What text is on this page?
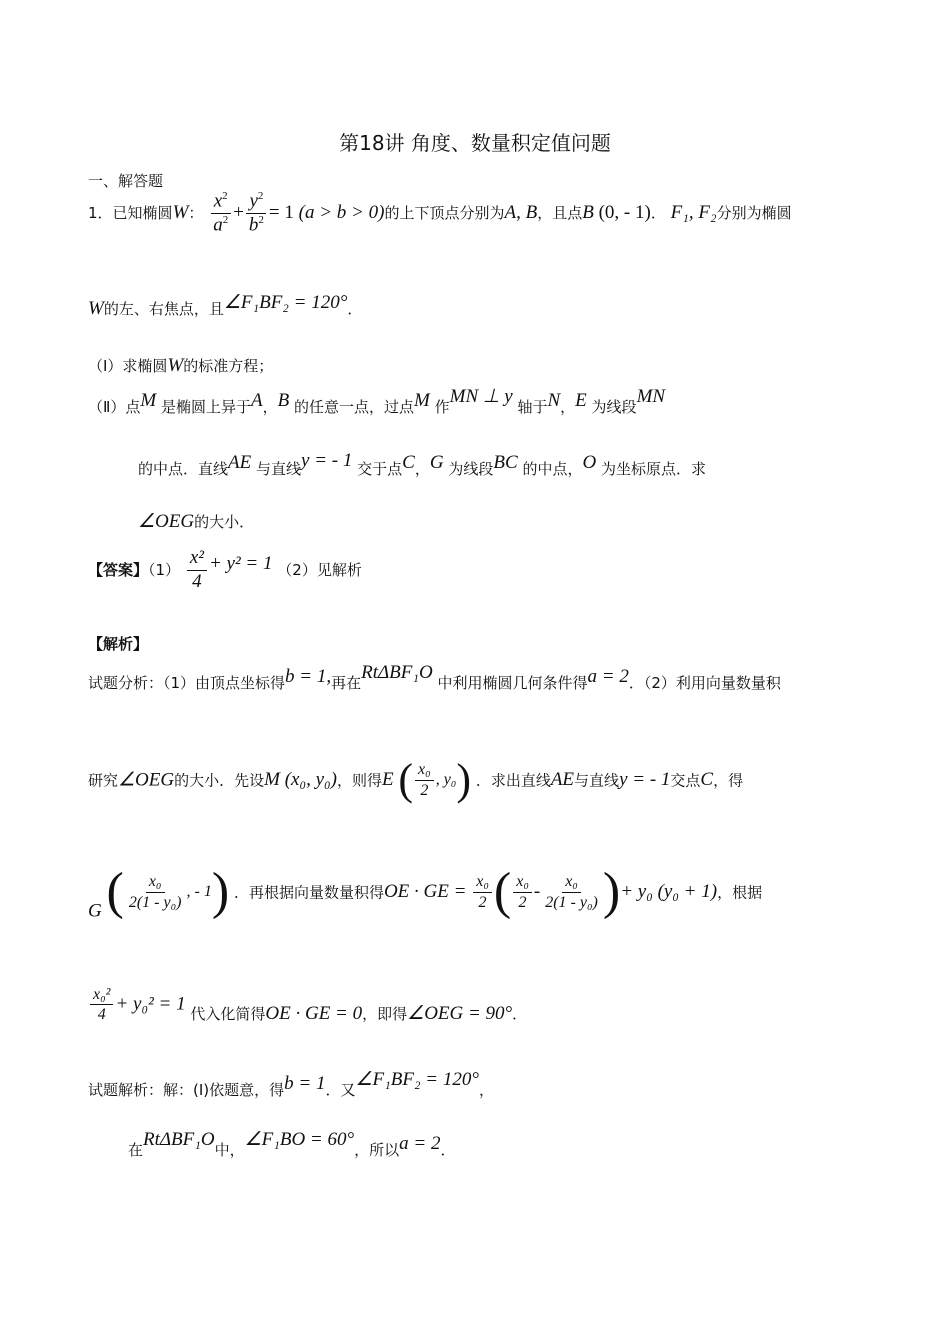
第18讲 角度、数量积定值问题
一、解答题
1．已知椭圆W： $\frac{x^2}{a^2} + \frac{y^2}{b^2} = 1$ (a > b > 0)的上下顶点分别为A, B，且点B (0, - 1)． F₁, F₂分别为椭圆
W的左、右焦点，且∠F₁BF₂ = 120°．
（Ⅰ）求椭圆W的标准方程；
（Ⅱ）点M 是椭圆上异于A，B 的任意一点，过点M 作MN ⊥ y 轴于N，E 为线段MN
的中点．直线AE 与直线y = - 1 交于点C，G 为线段BC 的中点，O 为坐标原点．求
∠OEG的大小．
【答案】$(1) \frac{\text{x²}}{4} + y^2 = 1$ （2）见解析
【解析】
试题分析：（1）由顶点坐标得b = 1,再在RtΔBF₁O 中利用椭圆几何条件得a = 2．（2）利用向量数量积
研究∠OEG的大小．先设M (x₀, y₀)，则得E ( $\frac{\text{x₀}}{2}$ , y₀) ．求出直线AE与直线y = - 1交点C，得
G ( $\frac{\text{x₀}}{\text{2(1 - y₀)}}$ , - 1) ．再根据向量数量积得OE · GE = $\frac{\text{x₀}}{2}$ ( $\frac{\text{x₀}}{2} - \frac{\text{x₀}}{\text{2(1 - y₀)}}$ )+ y₀ (y₀ + 1)，根据
$\frac{\text{x₀²}}{4} + y_0^2 = 1$ 代入化简得OE · GE = 0，即得∠OEG = 90°．
试题解析：解：(Ⅰ)依题意，得b = 1．又∠F₁BF₂ = 120°，
在RtΔBF₁O中，∠F₁BO = 60°，所以a = 2．
